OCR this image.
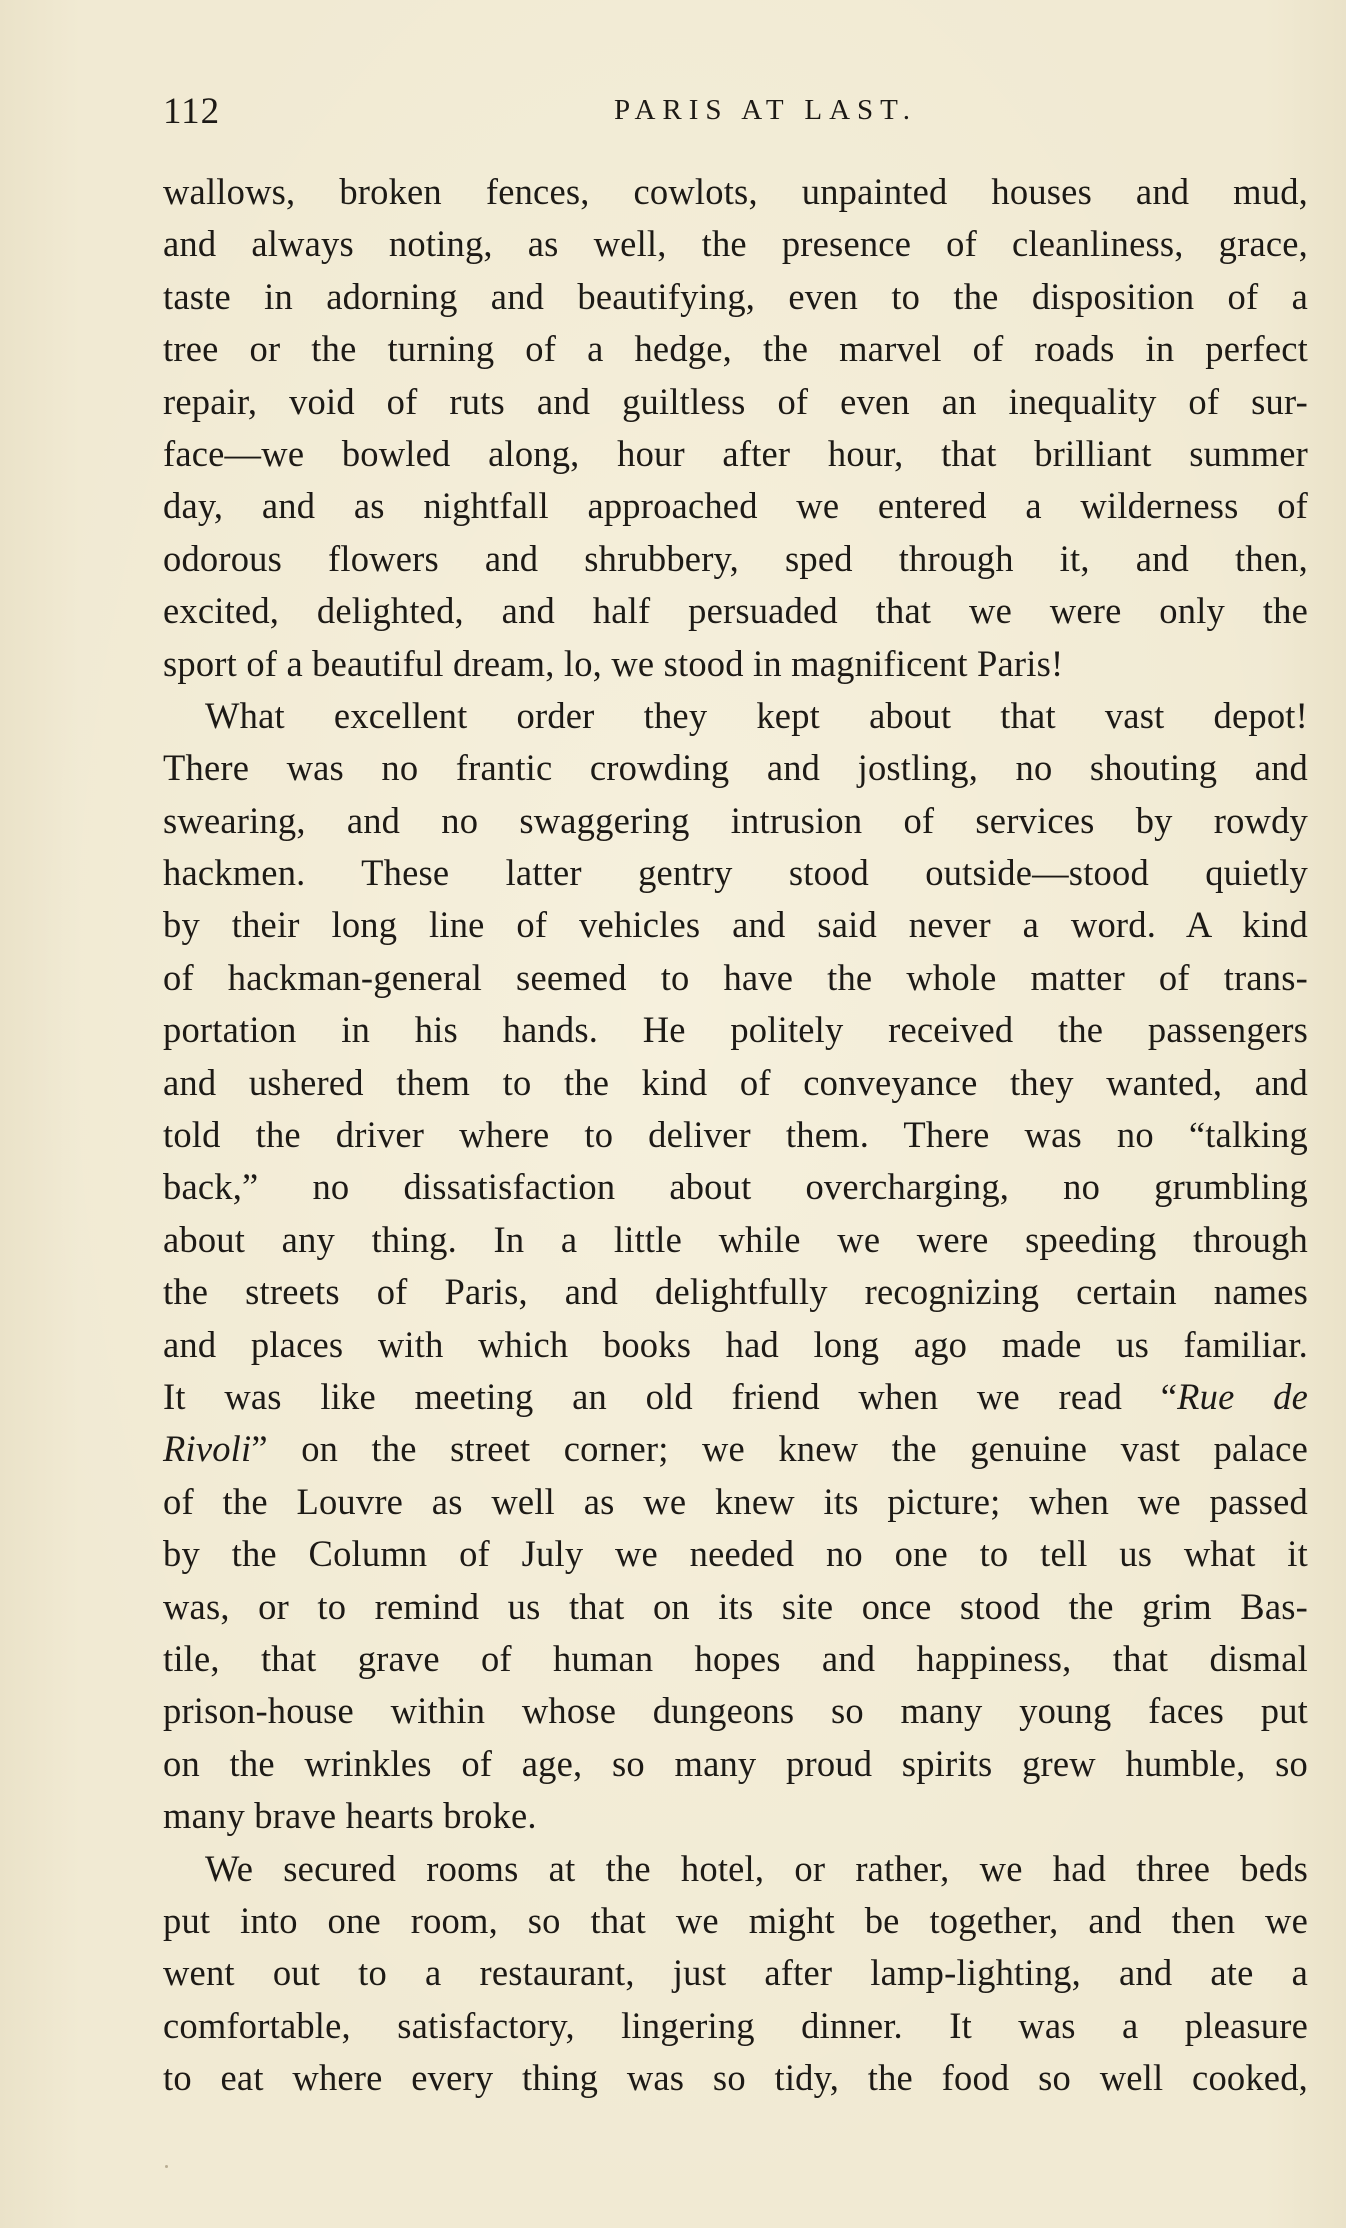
112	PARIS AT LAST.
wallows, broken fences, cowlots, unpainted houses and mud,
and always noting, as well, the presence of cleanliness, grace,
taste in adorning and beautifying, even to the disposition of a
tree or the turning of a hedge, the marvel of roads in perfect
repair, void of ruts and guiltless of even an inequality of sur-
face—we bowled along, hour after hour, that brilliant summer
day, and as nightfall approached we entered a wilderness of
odorous flowers and shrubbery, sped through it, and then,
excited, delighted, and half persuaded that we were only the
sport of a beautiful dream, lo, we stood in magnificent Paris!
What excellent order they kept about that vast depot!
There was no frantic crowding and jostling, no shouting and
swearing, and no swaggering intrusion of services by rowdy
hackmen. These latter gentry stood outside—stood quietly
by their long line of vehicles and said never a word. A kind
of hackman-general seemed to have the whole matter of trans-
portation in his hands. He politely received the passengers
and ushered them to the kind of conveyance they wanted, and
told the driver where to deliver them. There was no “talking
back,” no dissatisfaction about overcharging, no grumbling
about any thing. In a little while we were speeding through
the streets of Paris, and delightfully recognizing certain names
and places with which books had long ago made us familiar.
It was like meeting an old friend when we read “Rue de
Rivoli” on the street corner; we knew the genuine vast palace
of the Louvre as well as we knew its picture; when we passed
by the Column of July we needed no one to tell us what it
was, or to remind us that on its site once stood the grim Bas-
tile, that grave of human hopes and happiness, that dismal
prison-house within whose dungeons so many young faces put
on the wrinkles of age, so many proud spirits grew humble, so
many brave hearts broke.
We secured rooms at the hotel, or rather, we had three beds
put into one room, so that we might be together, and then we
went out to a restaurant, just after lamp-lighting, and ate a
comfortable, satisfactory, lingering dinner. It was a pleasure
to eat where every thing was so tidy, the food so well cooked,
